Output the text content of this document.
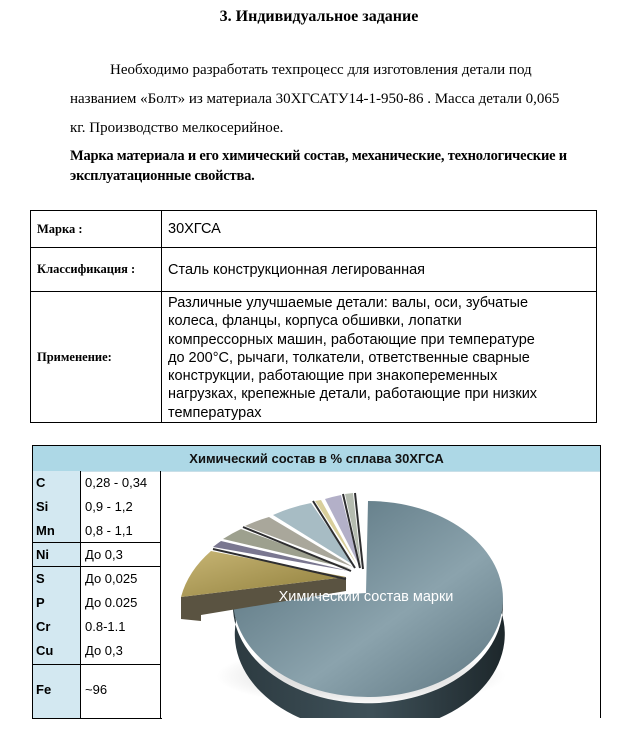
3. Индивидуальное задание
Необходимо разработать техпроцесс для изготовления детали под
названием «Болт» из материала 30ХГСАТУ14-1-950-86 . Масса детали 0,065
кг. Производство мелкосерийное.
Марка материала и его химический состав, механические, технологические и эксплуатационные свойства.
Марка :	30ХГСА
Классификация :	Сталь конструкционная легированная
Применение:	
Различные улучшаемые детали: валы, оси, зубчатые
колеса, фланцы, корпуса обшивки, лопатки
компрессорных машин, работающие при температуре
до 200°C, рычаги, толкатели, ответственные сварные
конструкции, работающие при знакопеременных
нагрузках, крепежные детали, работающие при низких
температурах
Химический состав в % сплава 30ХГСА
C	0,28 - 0,34
Si	0,9 - 1,2
Mn 0,8 - 1,1
Ni	До 0,3
S	До 0,025
P	До 0.025
Cr	0.8-1.1
Cu До 0,3
Fe	~96
Химический состав марки
